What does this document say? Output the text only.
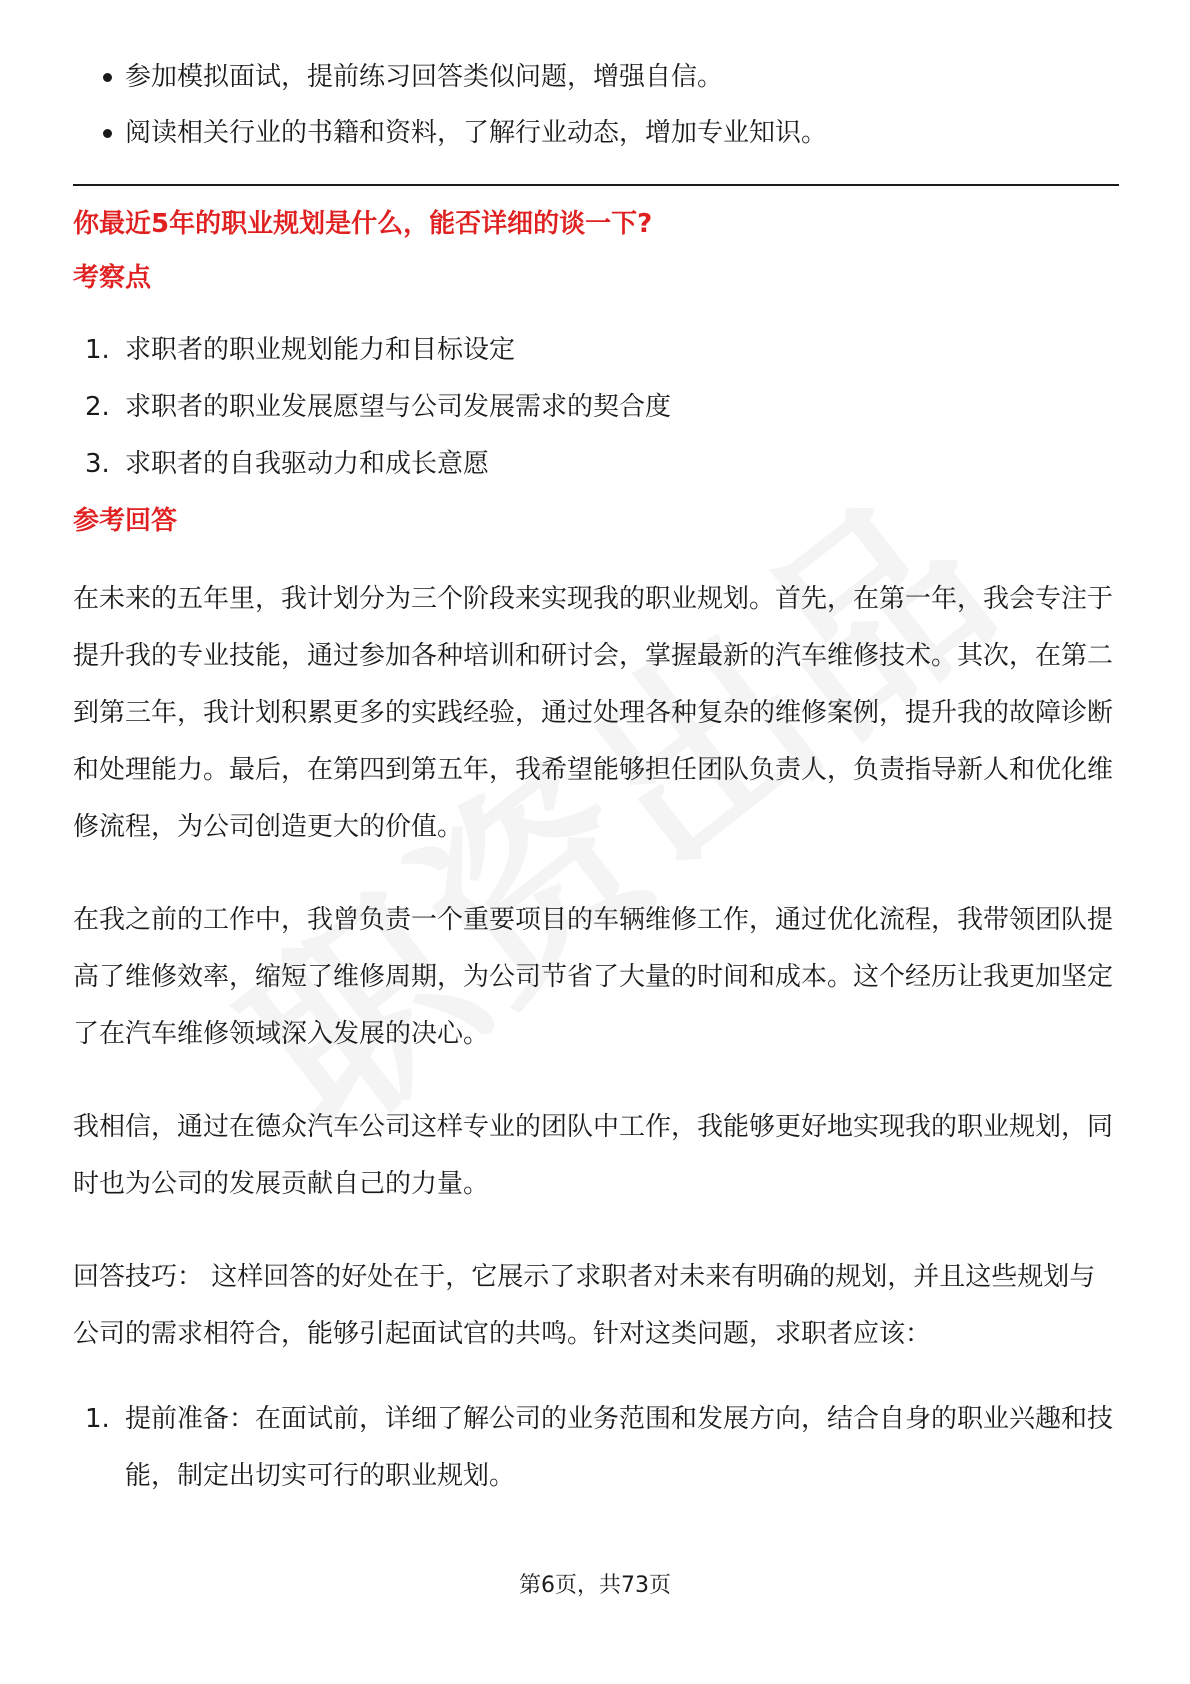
参加模拟面试，提前练习回答类似问题，增强自信。
阅读相关行业的书籍和资料，了解行业动态，增加专业知识。

你最近5年的职业规划是什么，能否详细的谈一下?

考察点

1. 求职者的职业规划能力和目标设定
2. 求职者的职业发展愿望与公司发展需求的契合度
3. 求职者的自我驱动力和成长意愿

参考回答

在未来的五年里，我计划分为三个阶段来实现我的职业规划。首先，在第一年，我会专注于提升我的专业技能，通过参加各种培训和研讨会，掌握最新的汽车维修技术。其次，在第二到第三年，我计划积累更多的实践经验，通过处理各种复杂的维修案例，提升我的故障诊断和处理能力。最后，在第四到第五年，我希望能够担任团队负责人，负责指导新人和优化维修流程，为公司创造更大的价值。

在我之前的工作中，我曾负责一个重要项目的车辆维修工作，通过优化流程，我带领团队提高了维修效率，缩短了维修周期，为公司节省了大量的时间和成本。这个经历让我更加坚定了在汽车维修领域深入发展的决心。

我相信，通过在德众汽车公司这样专业的团队中工作，我能够更好地实现我的职业规划，同时也为公司的发展贡献自己的力量。

回答技巧： 这样回答的好处在于，它展示了求职者对未来有明确的规划，并且这些规划与公司的需求相符合，能够引起面试官的共鸣。针对这类问题，求职者应该：

1. 提前准备：在面试前，详细了解公司的业务范围和发展方向，结合自身的职业兴趣和技能，制定出切实可行的职业规划。
第6页，共73页
